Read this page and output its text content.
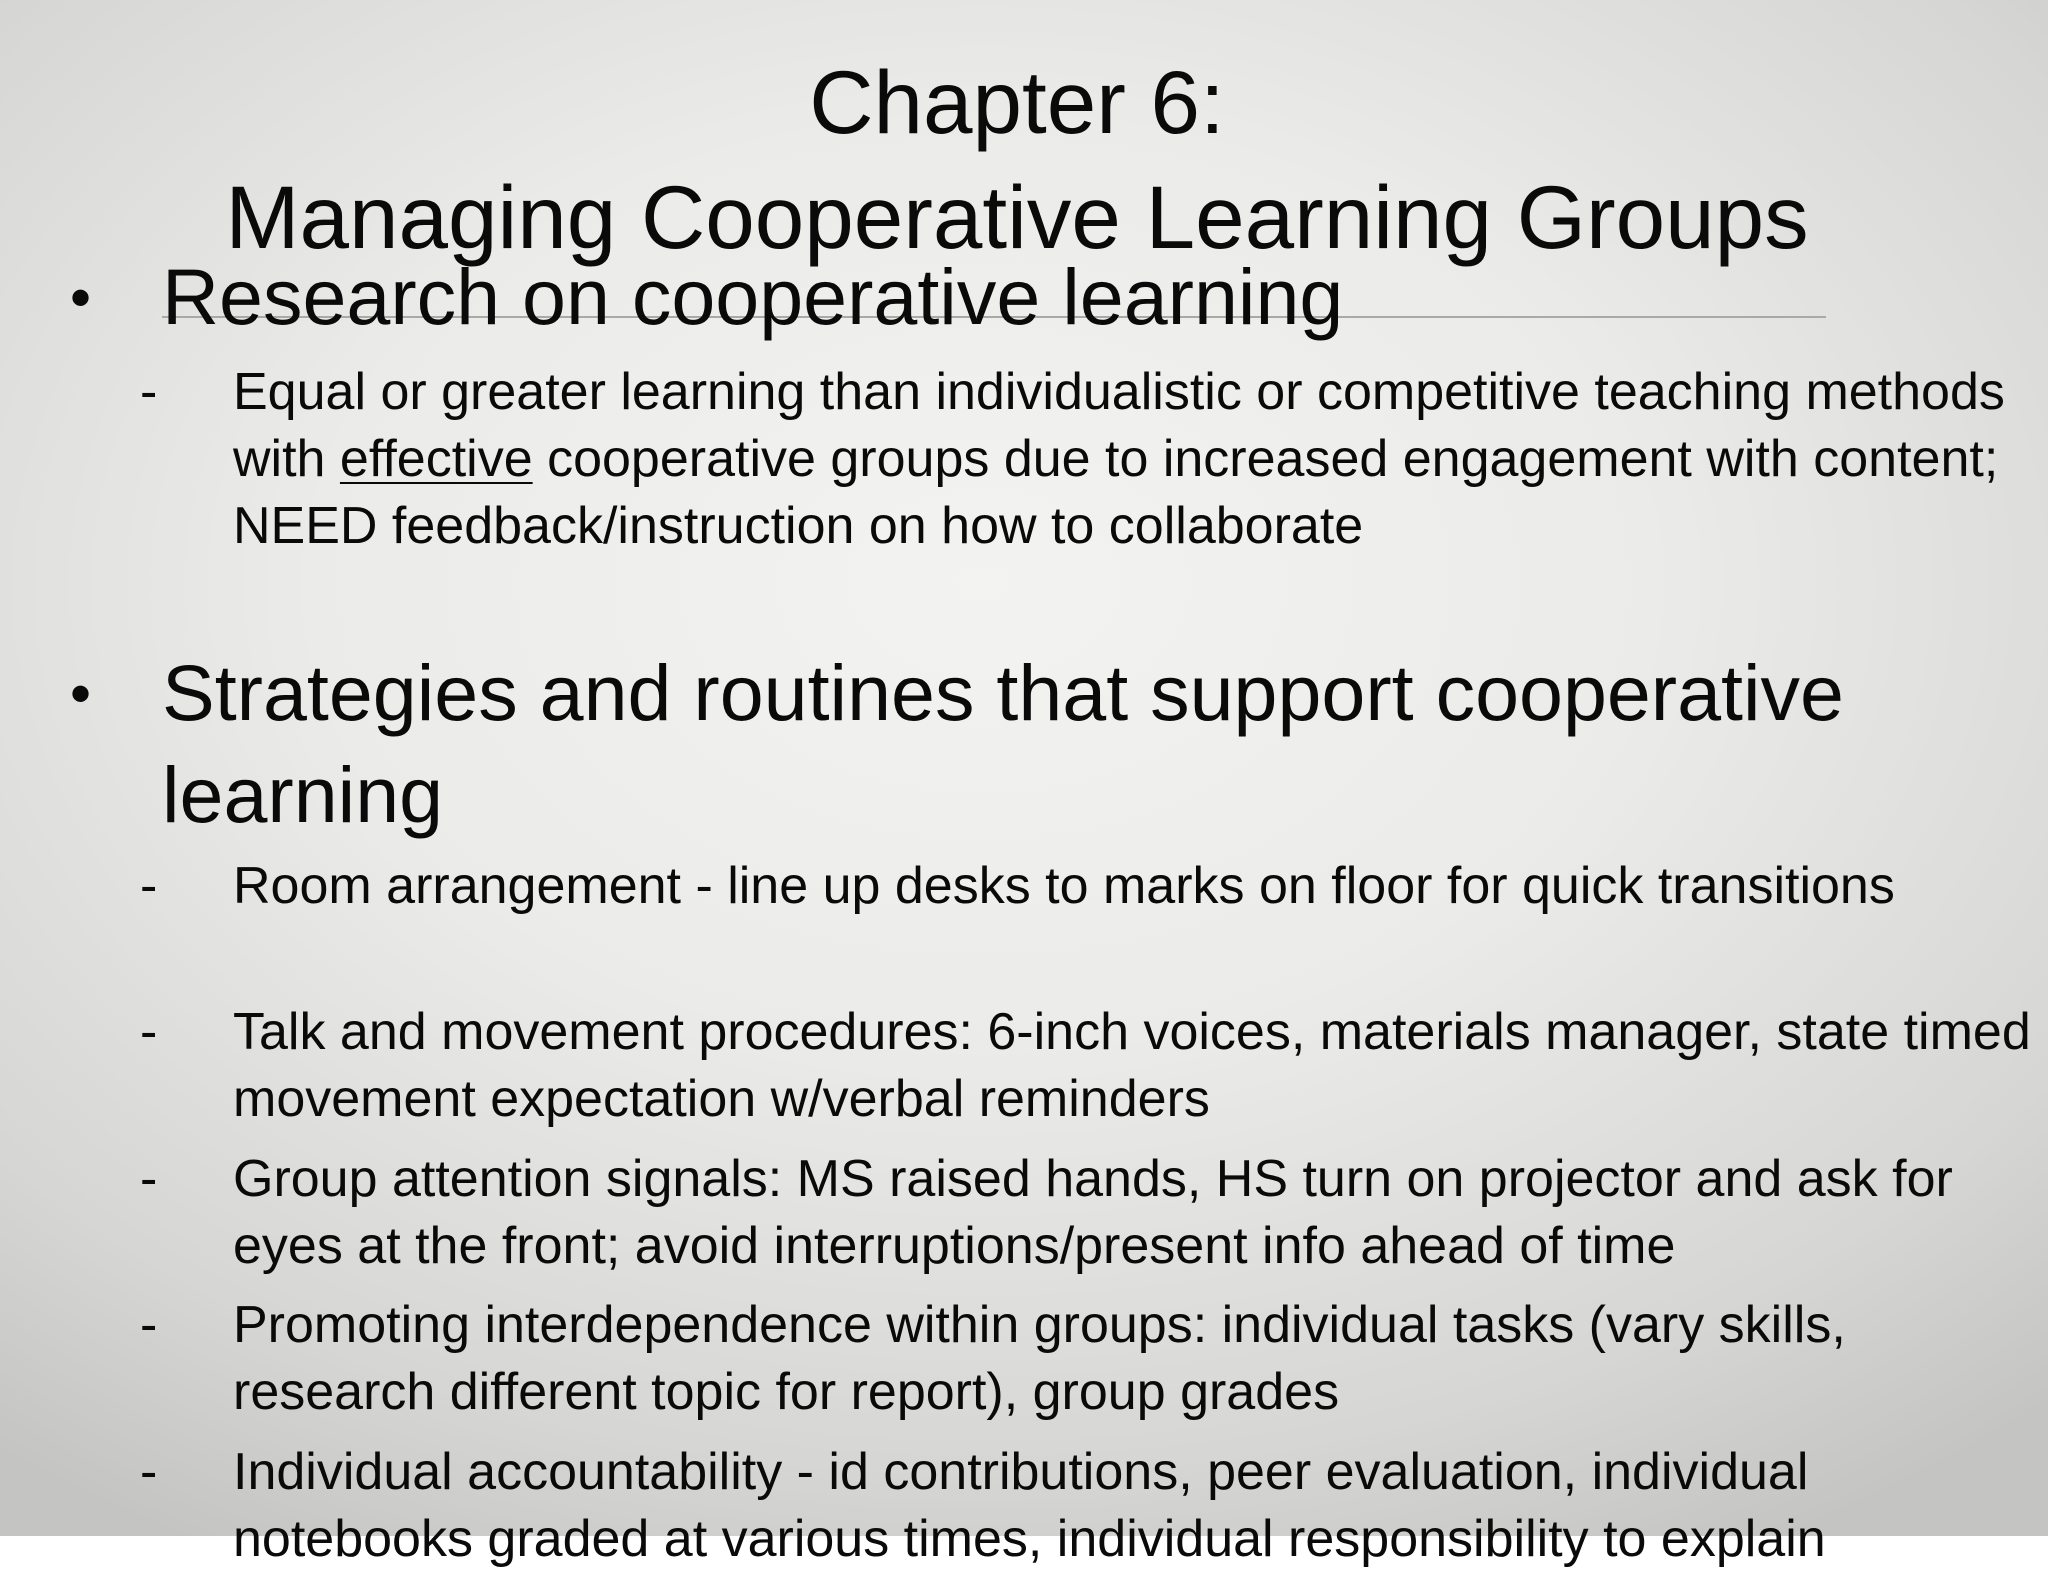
Chapter 6:
Managing Cooperative Learning Groups
• Research on cooperative learning

- Equal or greater learning than individualistic or competitive teaching methods with effective cooperative groups due to increased engagement with content; NEED feedback/instruction on how to collaborate

• Strategies and routines that support cooperative learning

- Room arrangement - line up desks to marks on floor for quick transitions

- Talk and movement procedures: 6-inch voices, materials manager, state timed movement expectation w/verbal reminders

- Group attention signals: MS raised hands, HS turn on projector and ask for eyes at the front; avoid interruptions/present info ahead of time

- Promoting interdependence within groups: individual tasks (vary skills, research different topic for report), group grades

- Individual accountability - id contributions, peer evaluation, individual notebooks graded at various times, individual responsibility to explain
